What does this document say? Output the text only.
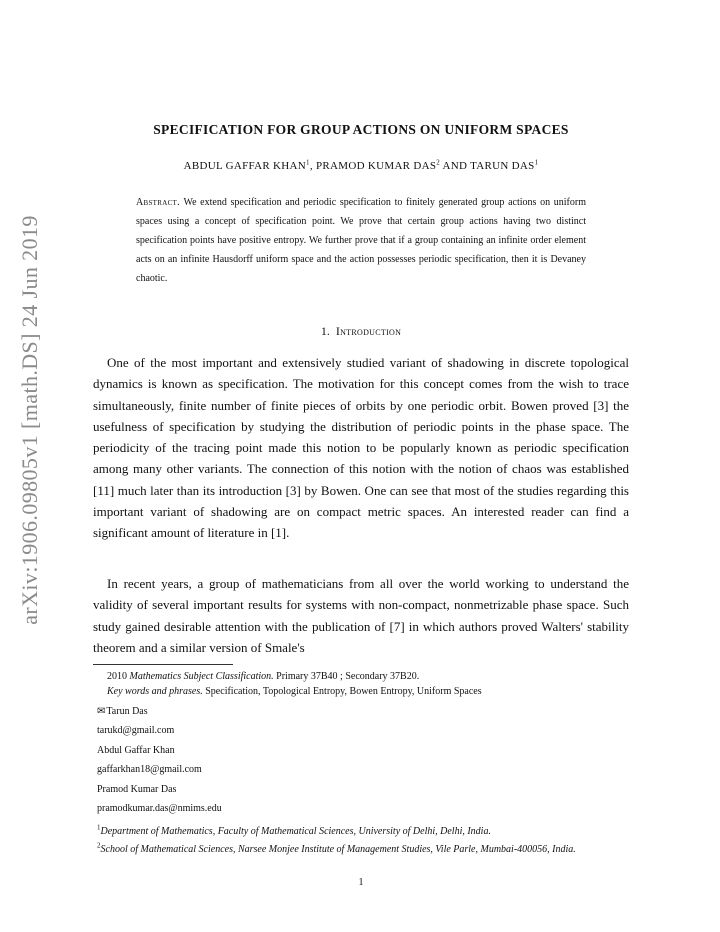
arXiv:1906.09805v1 [math.DS] 24 Jun 2019
SPECIFICATION FOR GROUP ACTIONS ON UNIFORM SPACES
ABDUL GAFFAR KHAN$^1$, PRAMOD KUMAR DAS$^2$ AND TARUN DAS$^1$
Abstract. We extend specification and periodic specification to finitely generated group actions on uniform spaces using a concept of specification point. We prove that certain group actions having two distinct specification points have positive entropy. We further prove that if a group containing an infinite order element acts on an infinite Hausdorff uniform space and the action possesses periodic specification, then it is Devaney chaotic.
1. Introduction

One of the most important and extensively studied variant of shadowing in discrete topological dynamics is known as specification. The motivation for this concept comes from the wish to trace simultaneously, finite number of finite pieces of orbits by one periodic orbit. Bowen proved [3] the usefulness of specification by studying the distribution of periodic points in the phase space. The periodicity of the tracing point made this notion to be popularly known as periodic specification among many other variants. The connection of this notion with the notion of chaos was established [11] much later than its introduction [3] by Bowen. One can see that most of the studies regarding this important variant of shadowing are on compact metric spaces. An interested reader can find a significant amount of literature in [1].

In recent years, a group of mathematicians from all over the world working to understand the validity of several important results for systems with non-compact, nonmetrizable phase space. Such study gained desirable attention with the publication of [7] in which authors proved Walters' stability theorem and a similar version of Smale's

2010 Mathematics Subject Classification. Primary 37B40 ; Secondary 37B20.
Key words and phrases. Specification, Topological Entropy, Bowen Entropy, Uniform Spaces
✉Tarun Das
tarukd@gmail.com
Abdul Gaffar Khan
gaffarkhan18@gmail.com
Pramod Kumar Das
pramodkumar.das@nmims.edu
$^1$Department of Mathematics, Faculty of Mathematical Sciences, University of Delhi, Delhi, India.
$^2$School of Mathematical Sciences, Narsee Monjee Institute of Management Studies, Vile Parle, Mumbai-400056, India.
1
